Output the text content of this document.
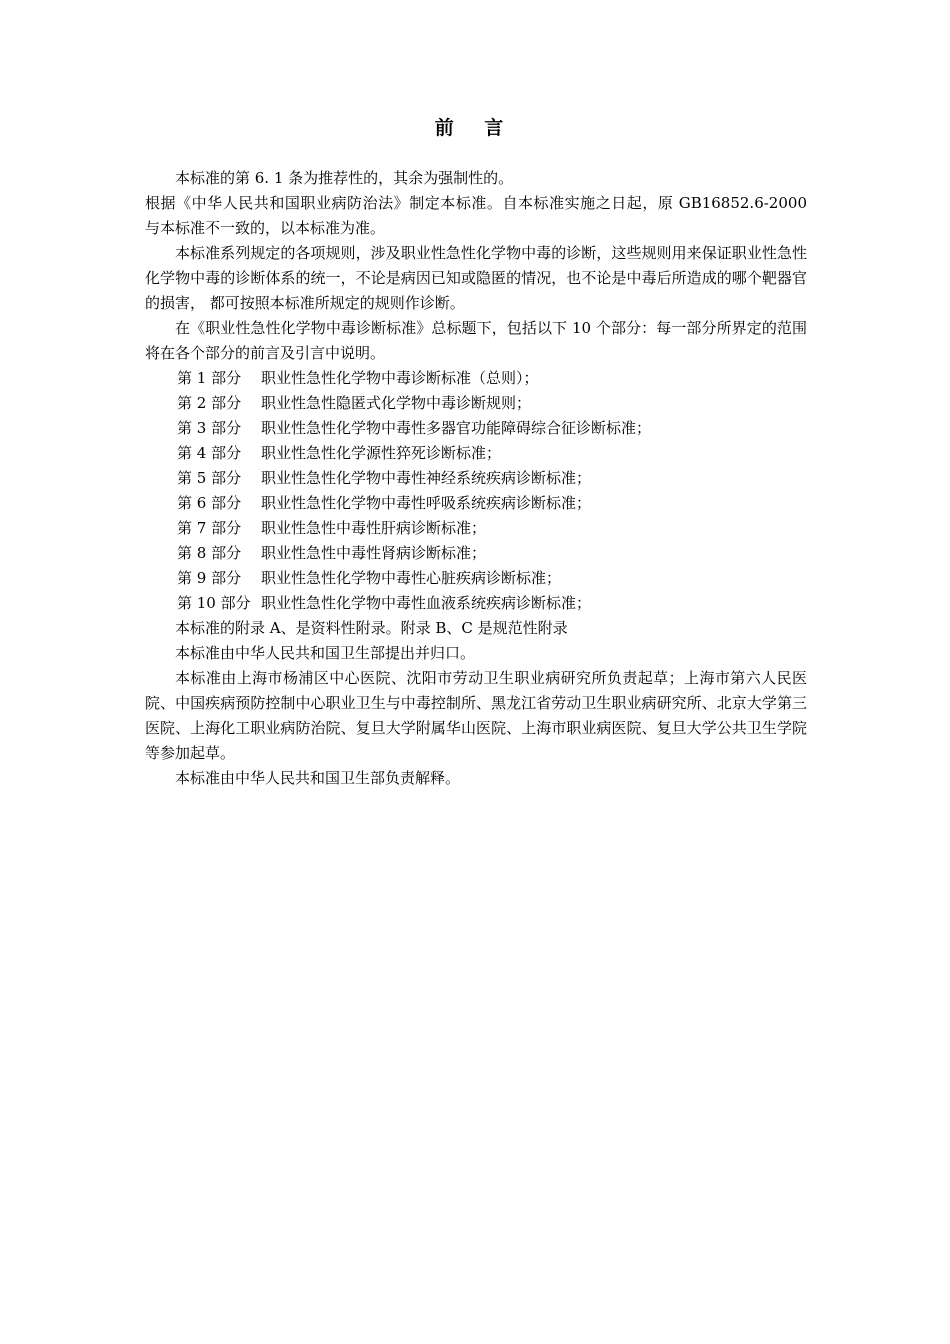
前 言

本标准的第 6. 1 条为推荐性的，其余为强制性的。

根据《中华人民共和国职业病防治法》制定本标准。自本标准实施之日起，原 GB16852.6-2000 与本标准不一致的，以本标准为准。

本标准系列规定的各项规则，涉及职业性急性化学物中毒的诊断，这些规则用来保证职业性急性化学物中毒的诊断体系的统一，不论是病因已知或隐匿的情况，也不论是中毒后所造成的哪个靶器官的损害， 都可按照本标准所规定的规则作诊断。

在《职业性急性化学物中毒诊断标准》总标题下，包括以下 10 个部分：每一部分所界定的范围将在各个部分的前言及引言中说明。

第 1 部分 职业性急性化学物中毒诊断标准（总则）；
第 2 部分 职业性急性隐匿式化学物中毒诊断规则；
第 3 部分 职业性急性化学物中毒性多器官功能障碍综合征诊断标准；
第 4 部分 职业性急性化学源性猝死诊断标准；
第 5 部分 职业性急性化学物中毒性神经系统疾病诊断标准；
第 6 部分 职业性急性化学物中毒性呼吸系统疾病诊断标准；
第 7 部分 职业性急性中毒性肝病诊断标准；
第 8 部分 职业性急性中毒性肾病诊断标准；
第 9 部分 职业性急性化学物中毒性心脏疾病诊断标准；
第 10 部分 职业性急性化学物中毒性血液系统疾病诊断标准；

本标准的附录 A、是资料性附录。附录 B、C 是规范性附录

本标准由中华人民共和国卫生部提出并归口。

本标准由上海市杨浦区中心医院、沈阳市劳动卫生职业病研究所负责起草；上海市第六人民医院、中国疾病预防控制中心职业卫生与中毒控制所、黑龙江省劳动卫生职业病研究所、北京大学第三医院、上海化工职业病防治院、复旦大学附属华山医院、上海市职业病医院、复旦大学公共卫生学院等参加起草。

本标准由中华人民共和国卫生部负责解释。
